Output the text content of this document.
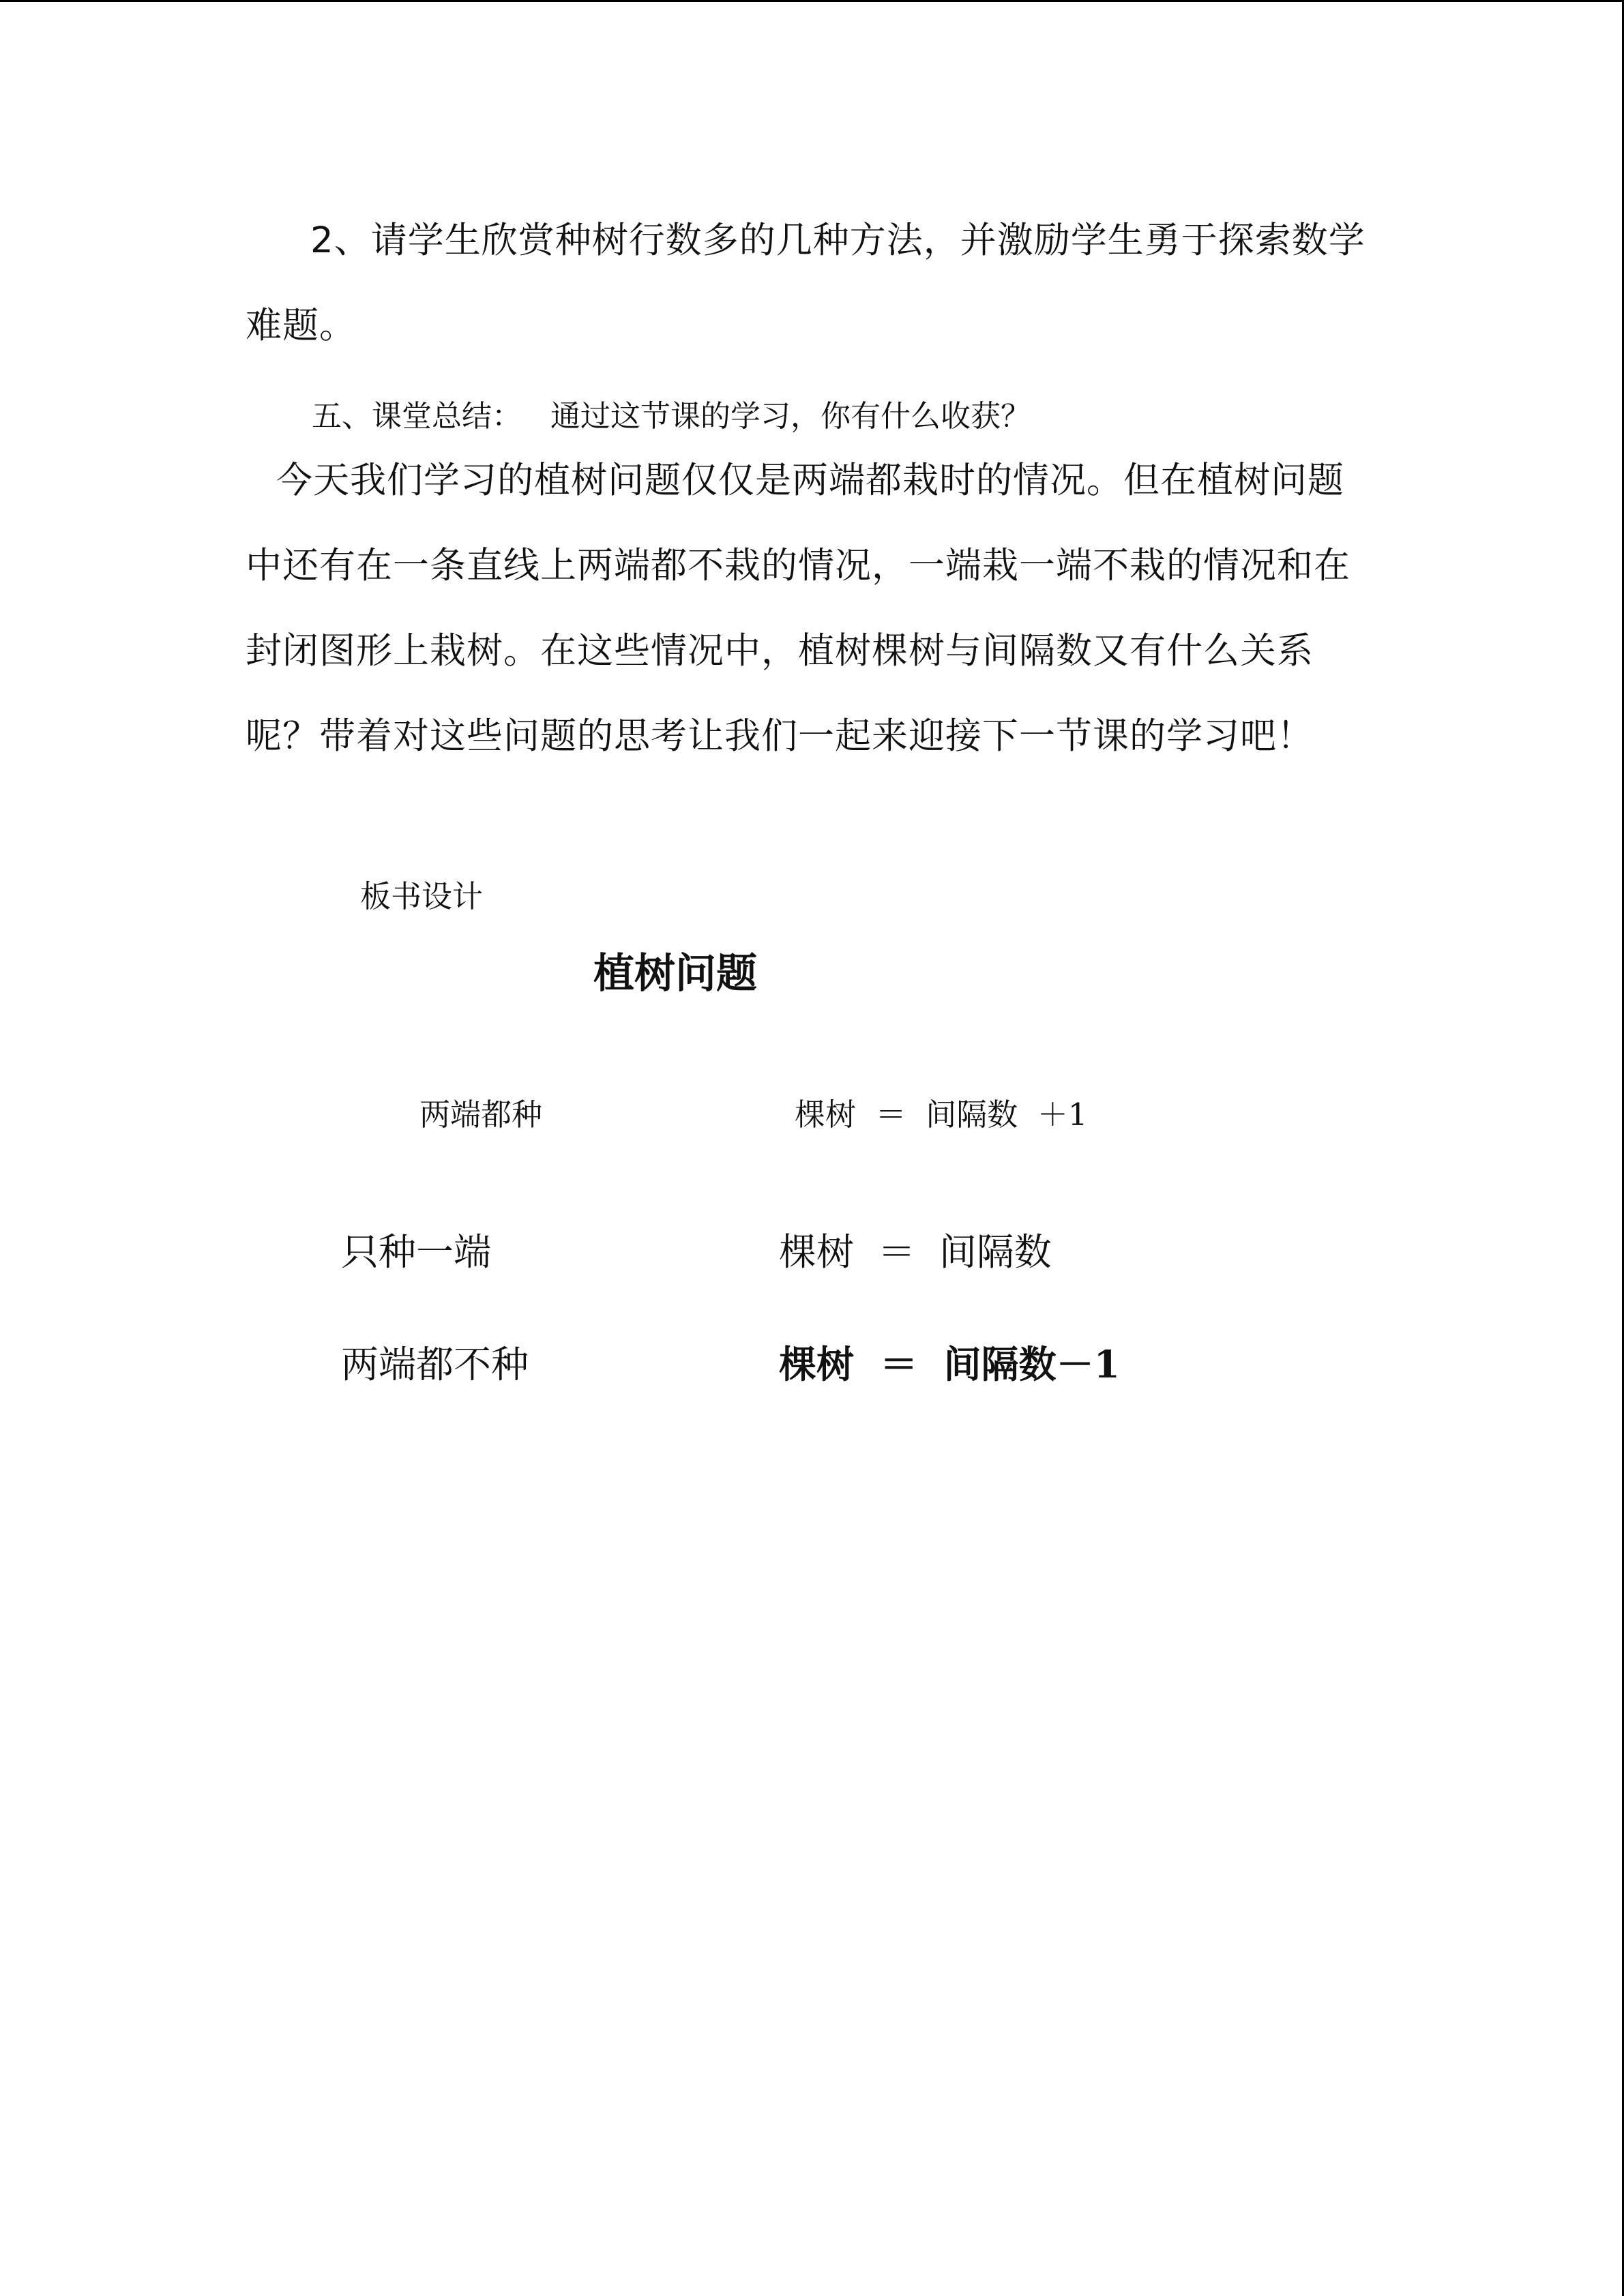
2、请学生欣赏种树行数多的几种方法，并激励学生勇于探索数学难题。

五、课堂总结：   通过这节课的学习，你有什么收获？

今天我们学习的植树问题仅仅是两端都栽时的情况。但在植树问题中还有在一条直线上两端都不栽的情况，一端栽一端不栽的情况和在封闭图形上栽树。在这些情况中，植树棵树与间隔数又有什么关系呢？带着对这些问题的思考让我们一起来迎接下一节课的学习吧！

板书设计
植树问题
两端都种	棵树  ＝  间隔数  ＋1
只种一端	棵树  ＝  间隔数
两端都不种	棵树  ＝  间隔数－1
